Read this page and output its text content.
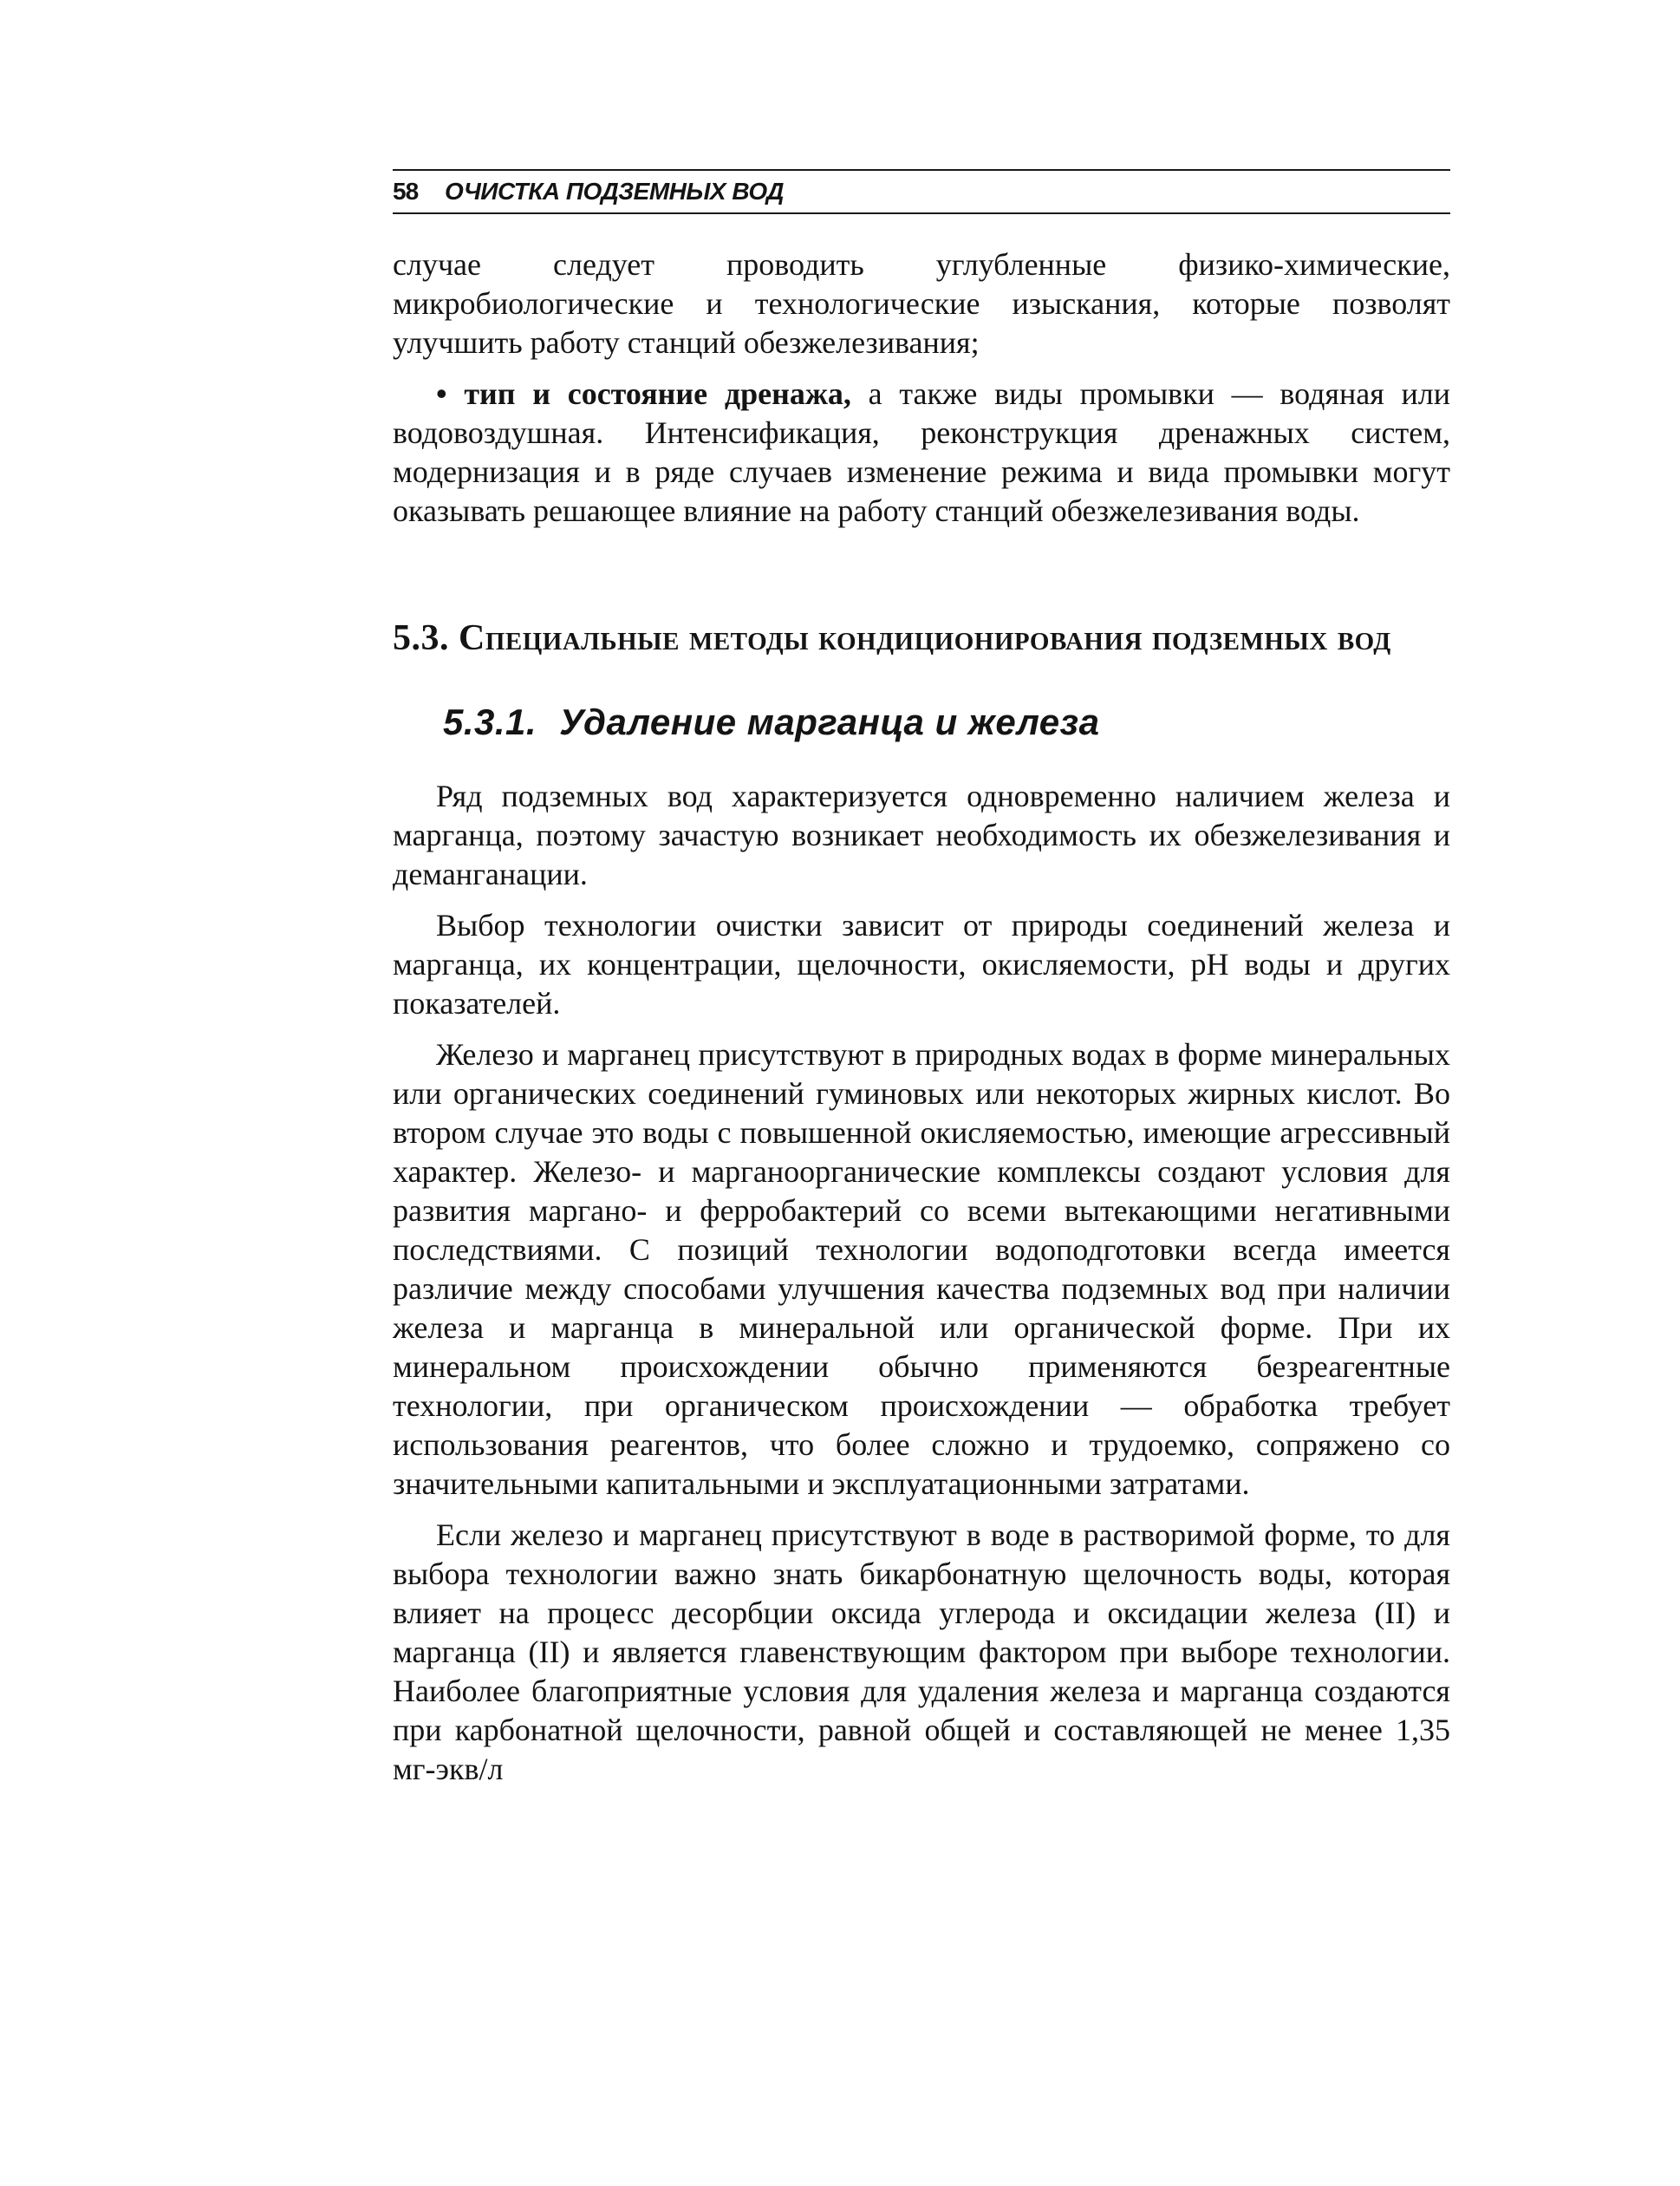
58 ОЧИСТКА ПОДЗЕМНЫХ ВОД

случае следует проводить углубленные физико-химические, микробиологические и технологические изыскания, которые позволят улучшить работу станций обезжелезивания;

• тип и состояние дренажа, а также виды промывки — водяная или водовоздушная. Интенсификация, реконструкция дренажных систем, модернизация и в ряде случаев изменение режима и вида промывки могут оказывать решающее влияние на работу станций обезжелезивания воды.

5.3. Специальные методы кондиционирования подземных вод
5.3.1. Удаление марганца и железа

Ряд подземных вод характеризуется одновременно наличием железа и марганца, поэтому зачастую возникает необходимость их обезжелезивания и деманганации.

Выбор технологии очистки зависит от природы соединений железа и марганца, их концентрации, щелочности, окисляемости, pH воды и других показателей.

Железо и марганец присутствуют в природных водах в форме минеральных или органических соединений гуминовых или некоторых жирных кислот. Во втором случае это воды с повышенной окисляемостью, имеющие агрессивный характер. Железо- и марганоорганические комплексы создают условия для развития маргано- и ферробактерий со всеми вытекающими негативными последствиями. С позиций технологии водоподготовки всегда имеется различие между способами улучшения качества подземных вод при наличии железа и марганца в минеральной или органической форме. При их минеральном происхождении обычно применяются безреагентные технологии, при органическом происхождении — обработка требует использования реагентов, что более сложно и трудоемко, сопряжено со значительными капитальными и эксплуатационными затратами.

Если железо и марганец присутствуют в воде в растворимой форме, то для выбора технологии важно знать бикарбонатную щелочность воды, которая влияет на процесс десорбции оксида углерода и оксидации железа (II) и марганца (II) и является главенствующим фактором при выборе технологии. Наиболее благоприятные условия для удаления железа и марганца создаются при карбонатной щелочности, равной общей и составляющей не менее 1,35 мг-экв/л
